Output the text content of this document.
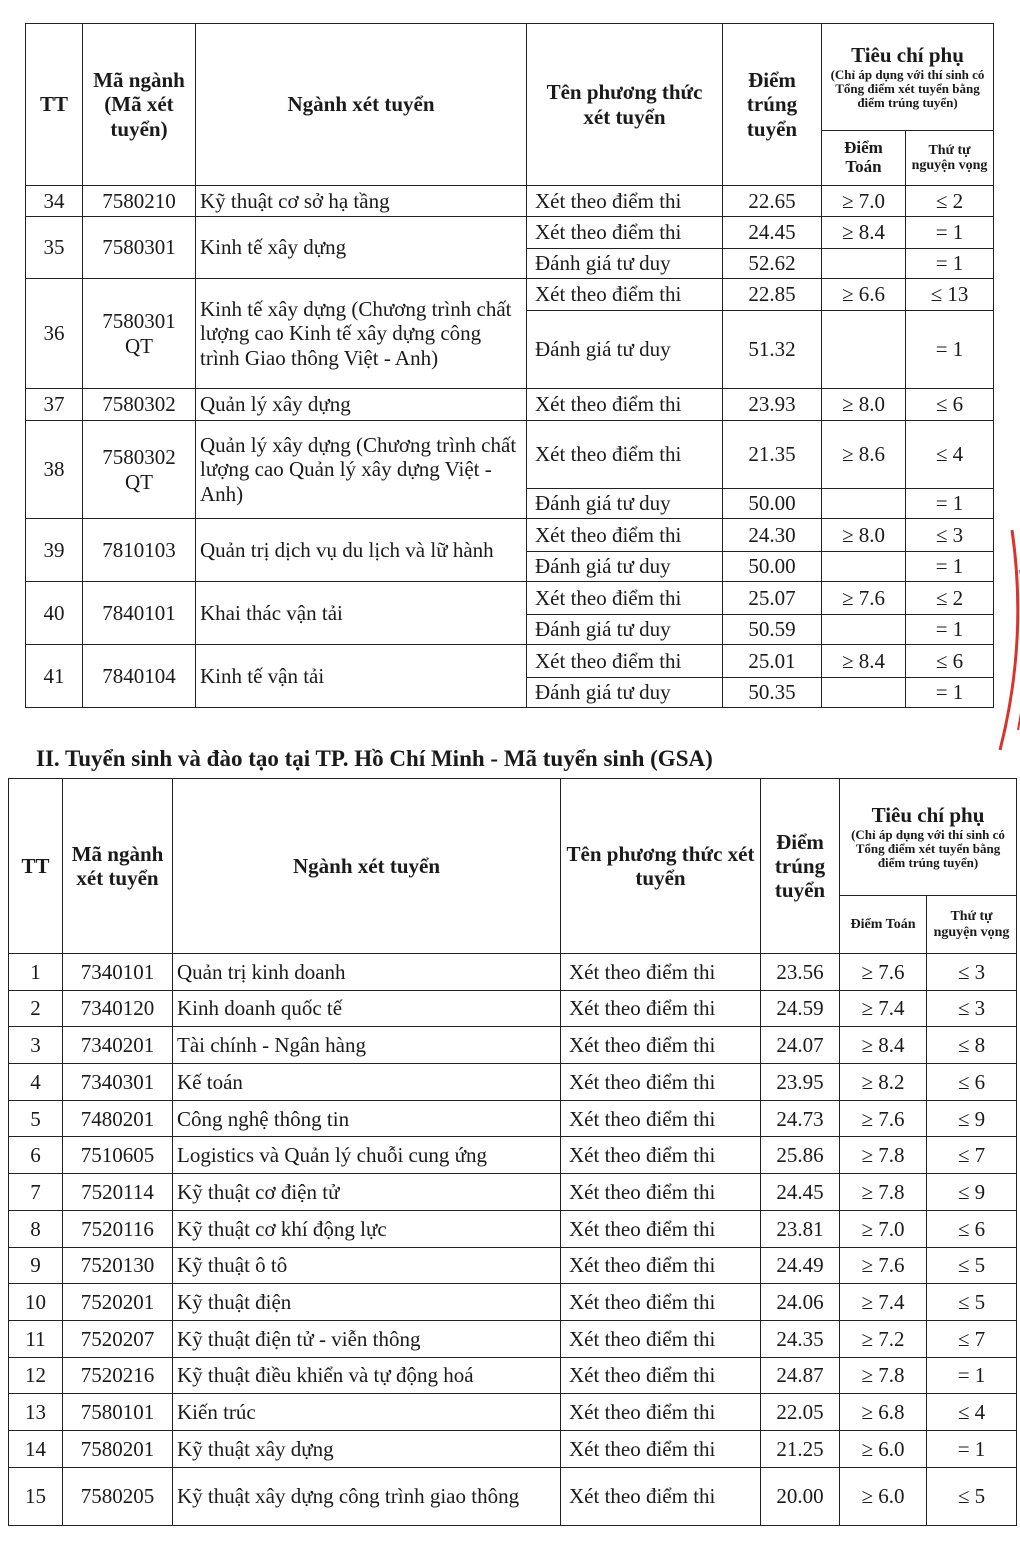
TT	Mã ngành (Mã xét tuyển)	Ngành xét tuyển	Tên phương thức xét tuyển	Điểm trúng tuyển	Tiêu chí phụ
(Chỉ áp dụng với thí sinh có Tổng điểm xét tuyển bằng điểm trúng tuyển)	

					Điểm Toán	Thứ tự nguyện vọng
34	7580210	Kỹ thuật cơ sở hạ tầng	Xét theo điểm thi	22.65	≥ 7.0	≤ 2
35	7580301	Kinh tế xây dựng	Xét theo điểm thi	24.45	≥ 8.4	= 1
			Đánh giá tư duy	52.62		= 1
36	7580301 QT	Kinh tế xây dựng (Chương trình chất lượng cao Kinh tế xây dựng công trình Giao thông Việt - Anh)	Xét theo điểm thi	22.85	≥ 6.6	≤ 13
			Đánh giá tư duy	51.32		= 1
37	7580302	Quản lý xây dựng	Xét theo điểm thi	23.93	≥ 8.0	≤ 6
38	7580302 QT	Quản lý xây dựng (Chương trình chất lượng cao Quản lý xây dựng Việt - Anh)	Xét theo điểm thi	21.35	≥ 8.6	≤ 4
			Đánh giá tư duy	50.00		= 1
39	7810103	Quản trị dịch vụ du lịch và lữ hành	Xét theo điểm thi	24.30	≥ 8.0	≤ 3
			Đánh giá tư duy	50.00		= 1
40	7840101	Khai thác vận tải	Xét theo điểm thi	25.07	≥ 7.6	≤ 2
			Đánh giá tư duy	50.59		= 1
41	7840104	Kinh tế vận tải	Xét theo điểm thi	25.01	≥ 8.4	≤ 6
			Đánh giá tư duy	50.35		= 1
II. Tuyển sinh và đào tạo tại TP. Hồ Chí Minh - Mã tuyển sinh (GSA)
TT	Mã ngành xét tuyển	Ngành xét tuyển	Tên phương thức xét tuyển	Điểm trúng tuyển	Tiêu chí phụ
(Chỉ áp dụng với thí sinh có Tổng điểm xét tuyển bằng điểm trúng tuyển)	

					Điểm Toán	Thứ tự nguyện vọng
1	7340101	Quản trị kinh doanh	Xét theo điểm thi	23.56	≥ 7.6	≤ 3
2	7340120	Kinh doanh quốc tế	Xét theo điểm thi	24.59	≥ 7.4	≤ 3
3	7340201	Tài chính - Ngân hàng	Xét theo điểm thi	24.07	≥ 8.4	≤ 8
4	7340301	Kế toán	Xét theo điểm thi	23.95	≥ 8.2	≤ 6
5	7480201	Công nghệ thông tin	Xét theo điểm thi	24.73	≥ 7.6	≤ 9
6	7510605	Logistics và Quản lý chuỗi cung ứng	Xét theo điểm thi	25.86	≥ 7.8	≤ 7
7	7520114	Kỹ thuật cơ điện tử	Xét theo điểm thi	24.45	≥ 7.8	≤ 9
8	7520116	Kỹ thuật cơ khí động lực	Xét theo điểm thi	23.81	≥ 7.0	≤ 6
9	7520130	Kỹ thuật ô tô	Xét theo điểm thi	24.49	≥ 7.6	≤ 5
10	7520201	Kỹ thuật điện	Xét theo điểm thi	24.06	≥ 7.4	≤ 5
11	7520207	Kỹ thuật điện tử - viễn thông	Xét theo điểm thi	24.35	≥ 7.2	≤ 7
12	7520216	Kỹ thuật điều khiển và tự động hoá	Xét theo điểm thi	24.87	≥ 7.8	= 1
13	7580101	Kiến trúc	Xét theo điểm thi	22.05	≥ 6.8	≤ 4
14	7580201	Kỹ thuật xây dựng	Xét theo điểm thi	21.25	≥ 6.0	= 1
15	7580205	Kỹ thuật xây dựng công trình giao thông	Xét theo điểm thi	20.00	≥ 6.0	≤ 5
